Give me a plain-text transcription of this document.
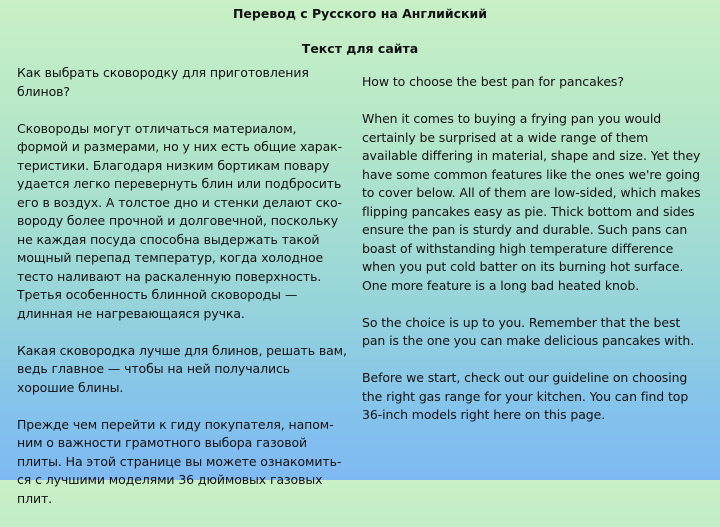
Перевод с Русского на Английский
Текст для сайта

Как выбрать сковородку для приготовления блинов?

Сковороды могут отличаться материалом, формой и размерами, но у них есть общие харак-теристики. Благодаря низким бортикам повару удается легко перевернуть блин или подбросить его в воздух. А толстое дно и стенки делают ско-вороду более прочной и долговечной, поскольку не каждая посуда способна выдержать такой мощный перепад температур, когда холодное тесто наливают на раскаленную поверхность. Третья особенность блинной сковороды — длинная не нагревающаяся ручка.

Какая сковородка лучше для блинов, решать вам, ведь главное — чтобы на ней получались хорошие блины.

Прежде чем перейти к гиду покупателя, напом-ним о важности грамотного выбора газовой плиты. На этой странице вы можете ознакомить-ся с лучшими моделями 36 дюймовых газовых плит.

How to choose the best pan for pancakes?

When it comes to buying a frying pan you would certainly be surprised at a wide range of them available differing in material, shape and size. Yet they have some common features like the ones we're going to cover below. All of them are low-sided, which makes flipping pancakes easy as pie. Thick bottom and sides ensure the pan is sturdy and durable. Such pans can boast of withstanding high temperature difference when you put cold batter on its burning hot surface. One more feature is a long bad heated knob.

So the choice is up to you. Remember that the best pan is the one you can make delicious pancakes with.

Before we start, check out our guideline on choosing the right gas range for your kitchen. You can find top 36-inch models right here on this page.
